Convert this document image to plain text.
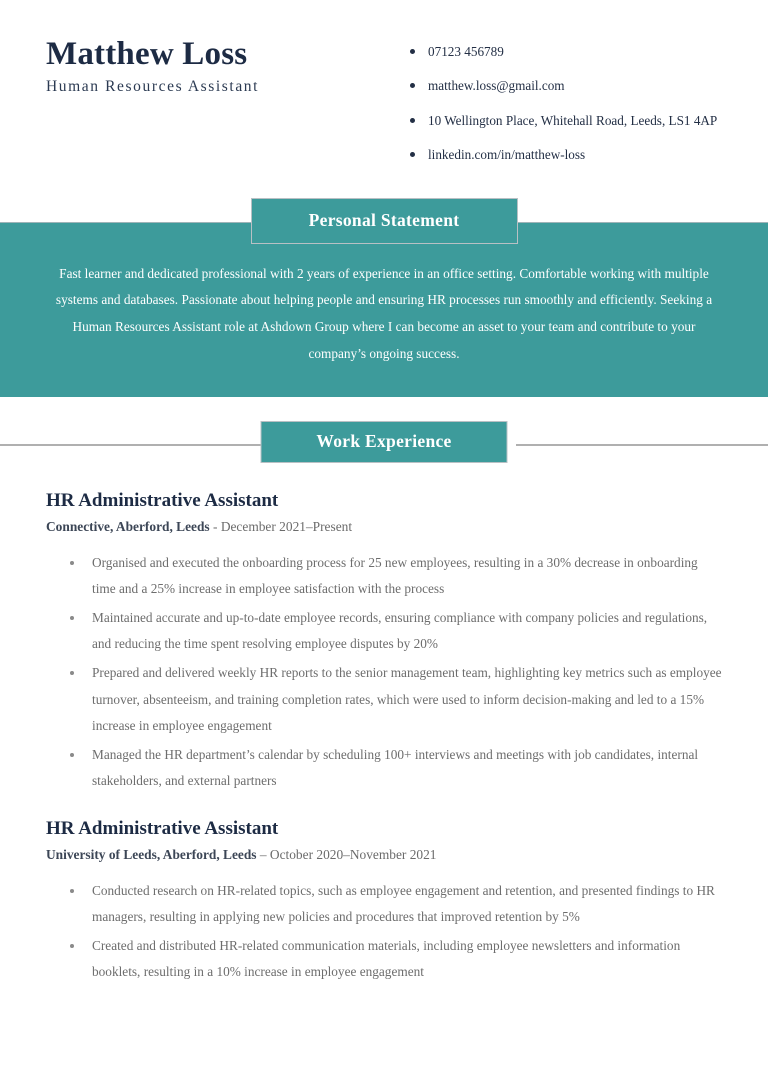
Matthew Loss

Human Resources Assistant

07123 456789
matthew.loss@gmail.com
10 Wellington Place, Whitehall Road, Leeds, LS1 4AP
linkedin.com/in/matthew-loss
Personal Statement

Fast learner and dedicated professional with 2 years of experience in an office setting. Comfortable working with multiple systems and databases. Passionate about helping people and ensuring HR processes run smoothly and efficiently. Seeking a Human Resources Assistant role at Ashdown Group where I can become an asset to your team and contribute to your company’s ongoing success.

Work Experience
HR Administrative Assistant

Connective, Aberford, Leeds - December 2021–Present

Organised and executed the onboarding process for 25 new employees, resulting in a 30% decrease in onboarding time and a 25% increase in employee satisfaction with the process
Maintained accurate and up-to-date employee records, ensuring compliance with company policies and regulations, and reducing the time spent resolving employee disputes by 20%
Prepared and delivered weekly HR reports to the senior management team, highlighting key metrics such as employee turnover, absenteeism, and training completion rates, which were used to inform decision-making and led to a 15% increase in employee engagement
Managed the HR department’s calendar by scheduling 100+ interviews and meetings with job candidates, internal stakeholders, and external partners
HR Administrative Assistant

University of Leeds, Aberford, Leeds – October 2020–November 2021

Conducted research on HR-related topics, such as employee engagement and retention, and presented findings to HR managers, resulting in applying new policies and procedures that improved retention by 5%
Created and distributed HR-related communication materials, including employee newsletters and information booklets, resulting in a 10% increase in employee engagement
